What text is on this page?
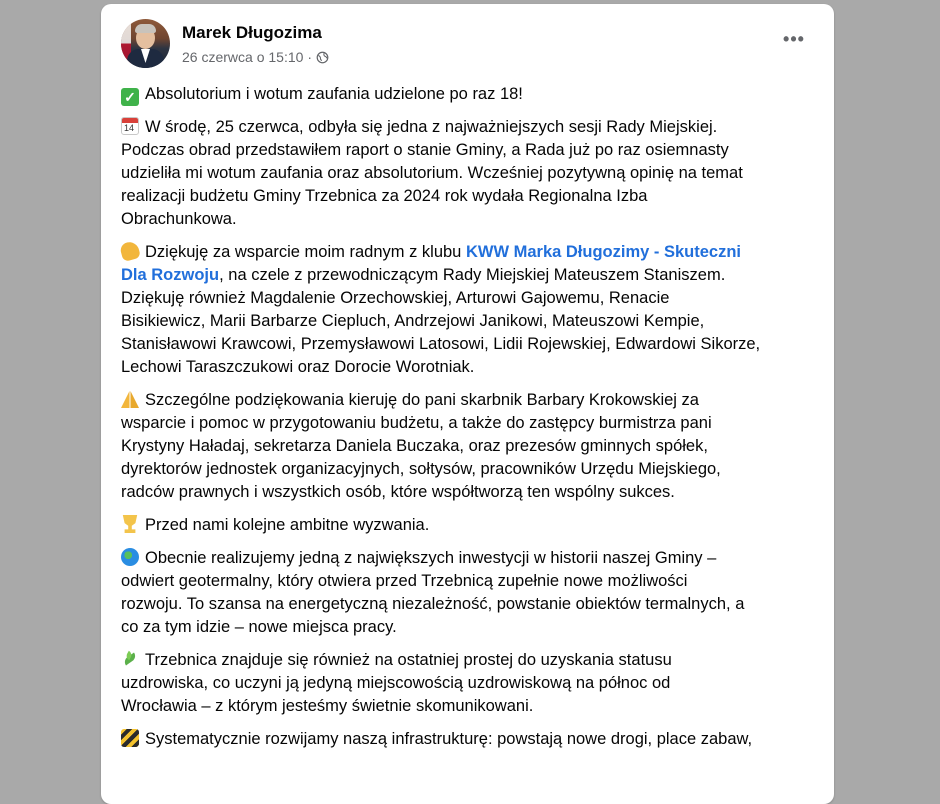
Marek Długozima
26 czerwca o 15:10 ·
•••
✓ Absolutorium i wotum zaufania udzielone po raz 18!
14W środę, 25 czerwca, odbyła się jedna z najważniejszych sesji Rady Miejskiej.
Podczas obrad przedstawiłem raport o stanie Gminy, a Rada już po raz osiemnasty
udzieliła mi wotum zaufania oraz absolutorium. Wcześniej pozytywną opinię na temat
realizacji budżetu Gminy Trzebnica za 2024 rok wydała Regionalna Izba
Obrachunkowa.
Dziękuję za wsparcie moim radnym z klubu KWW Marka Długozimy - Skuteczni
Dla Rozwoju, na czele z przewodniczącym Rady Miejskiej Mateuszem Staniszem.
Dziękuję również Magdalenie Orzechowskiej, Arturowi Gajowemu, Renacie
Bisikiewicz, Marii Barbarze Ciepluch, Andrzejowi Janikowi, Mateuszowi Kempie,
Stanisławowi Krawcowi, Przemysławowi Latosowi, Lidii Rojewskiej, Edwardowi Sikorze,
Lechowi Taraszczukowi oraz Dorocie Worotniak.
Szczególne podziękowania kieruję do pani skarbnik Barbary Krokowskiej za
wsparcie i pomoc w przygotowaniu budżetu, a także do zastępcy burmistrza pani
Krystyny Haładaj, sekretarza Daniela Buczaka, oraz prezesów gminnych spółek,
dyrektorów jednostek organizacyjnych, sołtysów, pracowników Urzędu Miejskiego,
radców prawnych i wszystkich osób, które współtworzą ten wspólny sukces.
Przed nami kolejne ambitne wyzwania.
Obecnie realizujemy jedną z największych inwestycji w historii naszej Gminy –
odwiert geotermalny, który otwiera przed Trzebnicą zupełnie nowe możliwości
rozwoju. To szansa na energetyczną niezależność, powstanie obiektów termalnych, a
co za tym idzie – nowe miejsca pracy.
Trzebnica znajduje się również na ostatniej prostej do uzyskania statusu
uzdrowiska, co uczyni ją jedyną miejscowością uzdrowiskową na północ od
Wrocławia – z którym jesteśmy świetnie skomunikowani.
Systematycznie rozwijamy naszą infrastrukturę: powstają nowe drogi, place zabaw,
